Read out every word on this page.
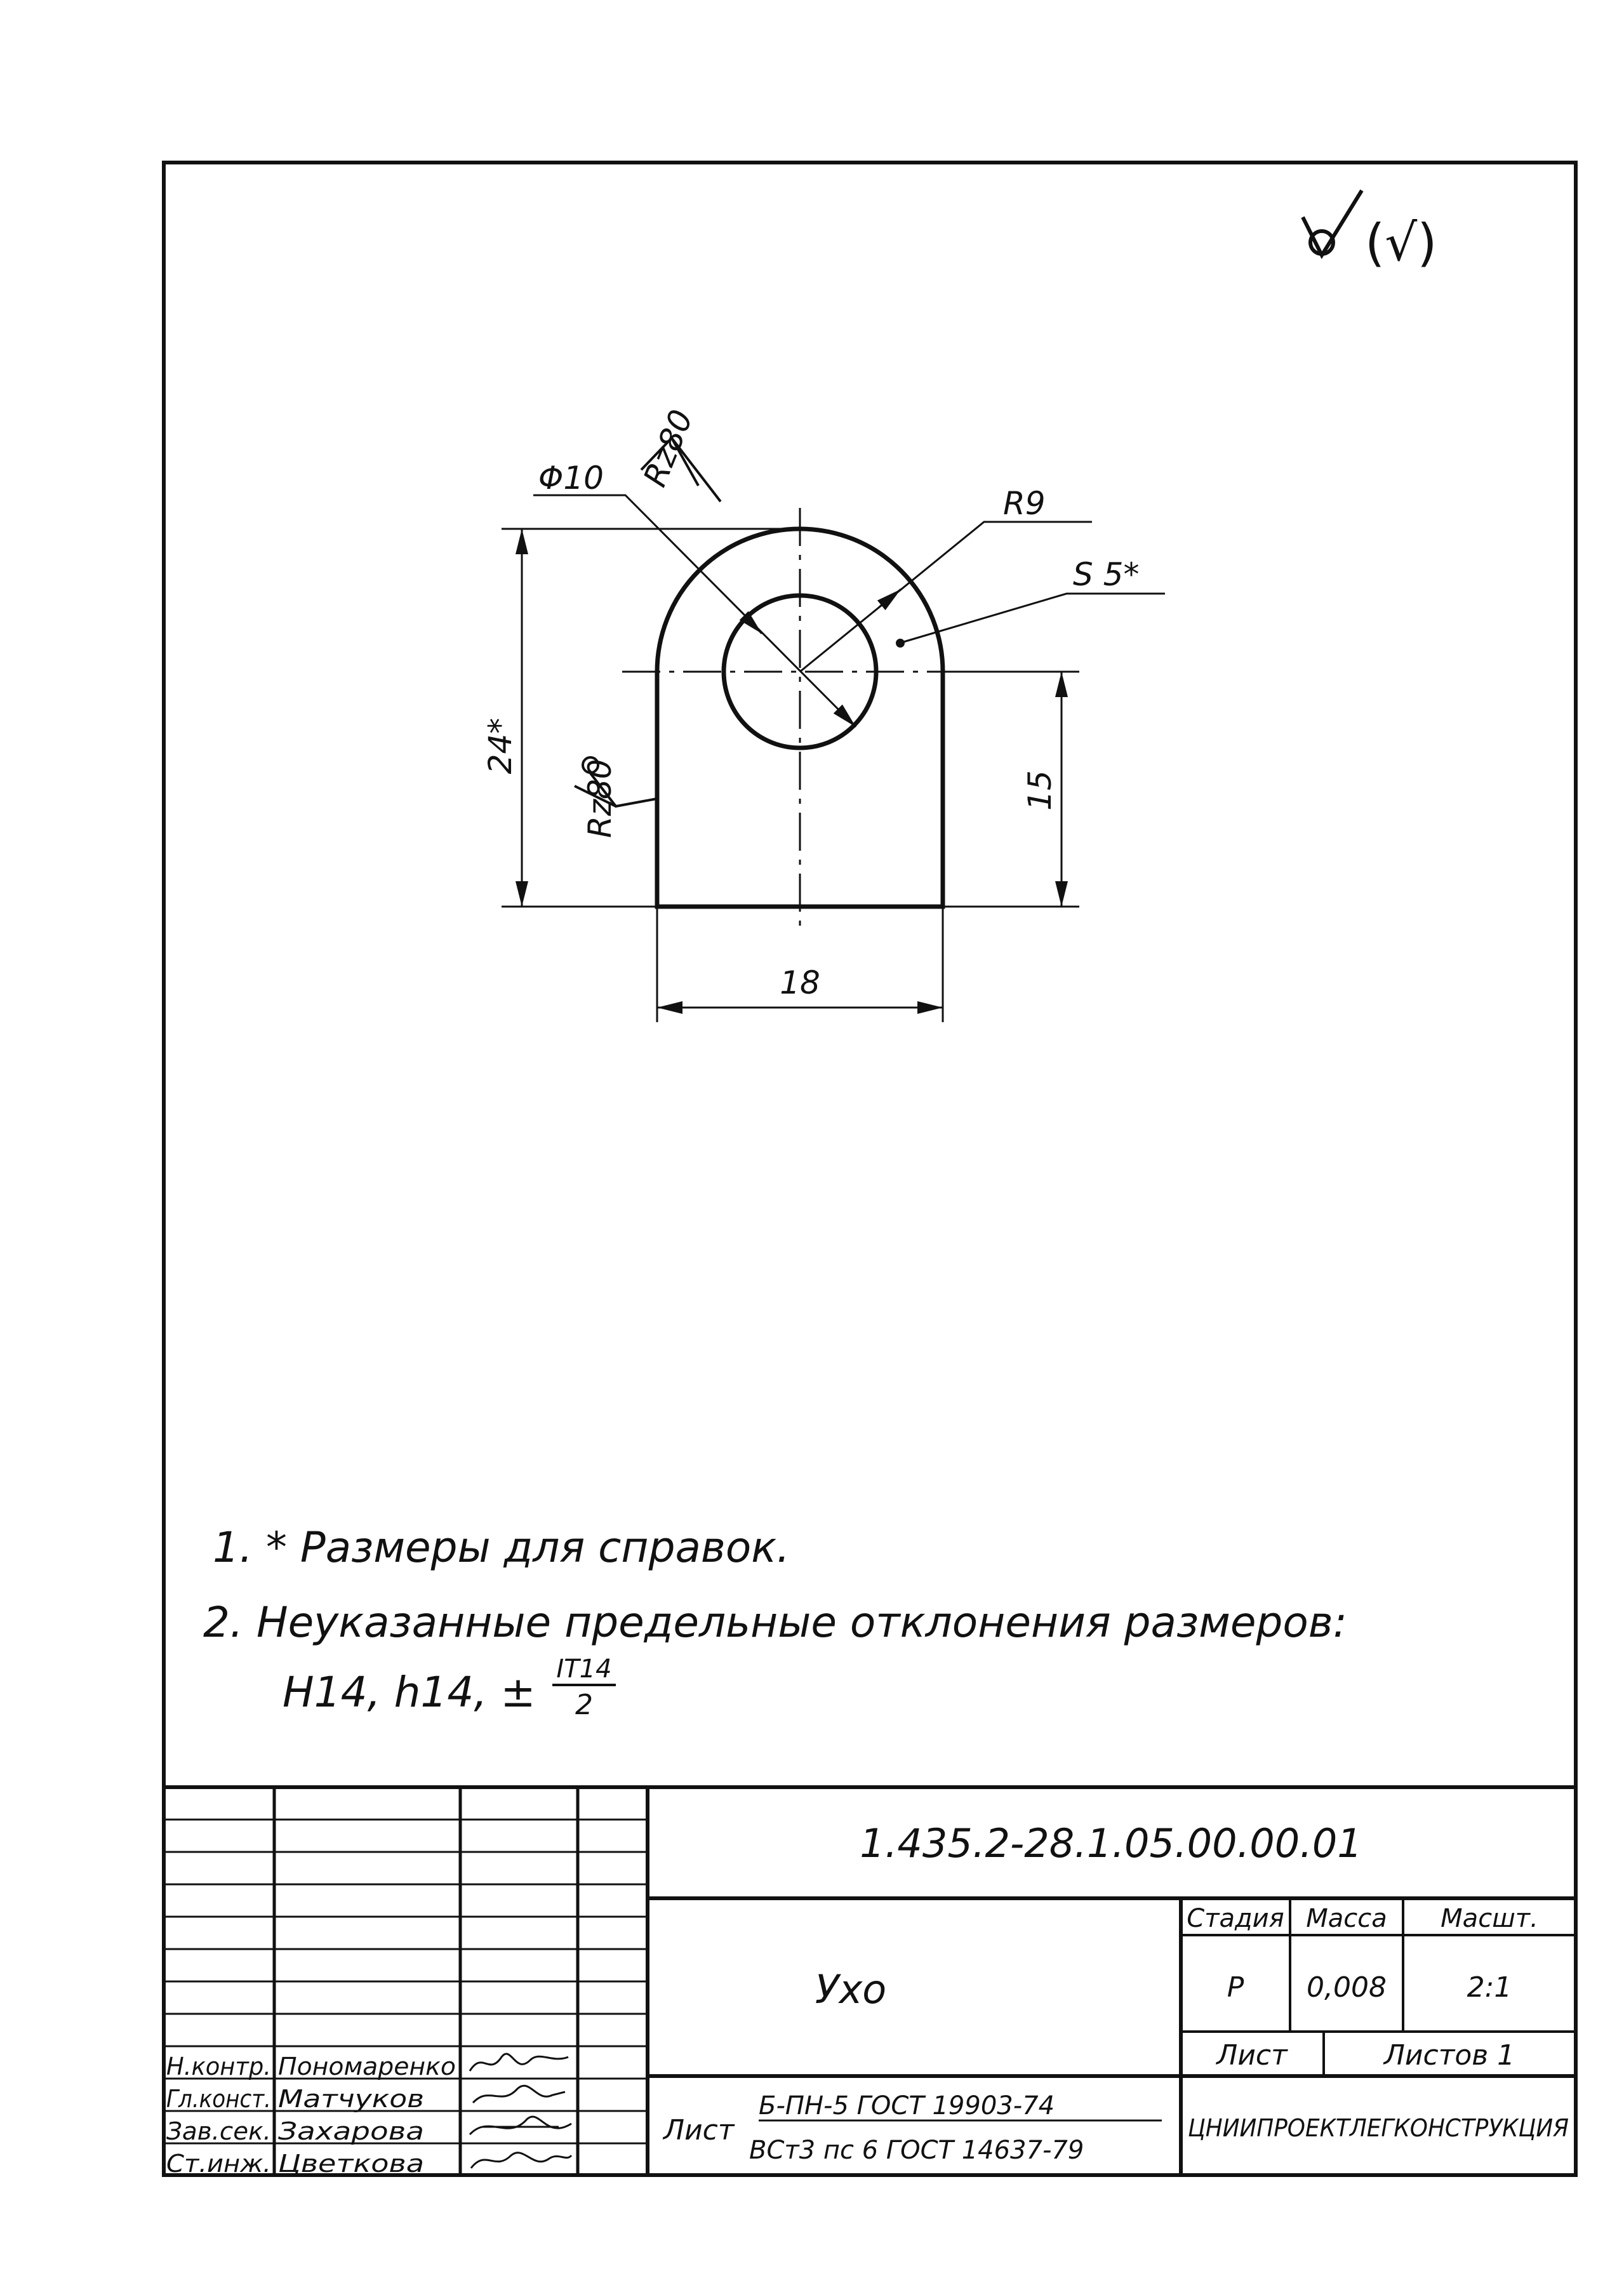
(√)
Rz80
Rz80
Φ10
R9
S 5*
24*
15
18
1. * Размеры для справок.
2. Неуказанные предельные отклонения размеров:
H14, h14, ± IT14
2
1.435.2-28.1.05.00.00.01
Ухо
Стадия Масса Масшт.
Р 0,008	2:1
Лист	Листов 1
Лист
Б-ПН-5 ГОСТ 19903-74
ВСт3 пс 6 ГОСТ 14637-79
ЦНИИПРОЕКТЛЕГКОНСТРУКЦИЯ
Н.контр. Пономаренко
Гл.конст. Матчуков
Зав.сек. Захарова
Ст.инж. Цветкова
